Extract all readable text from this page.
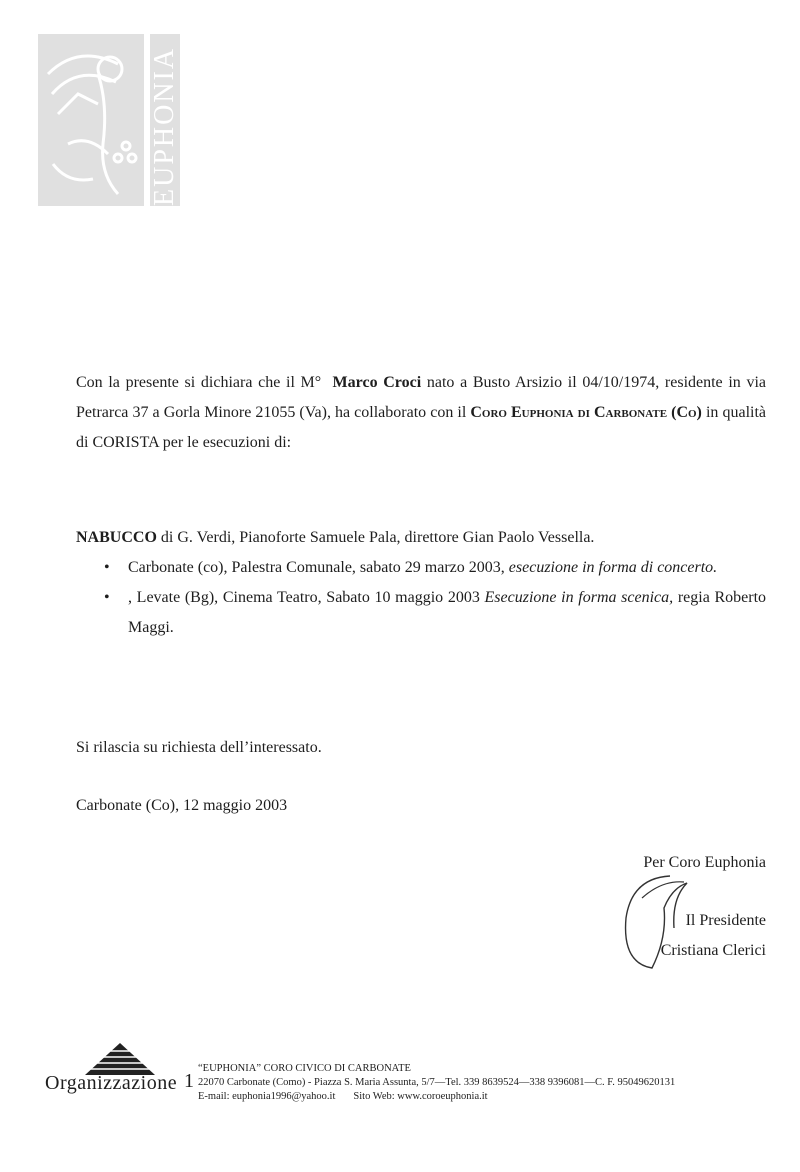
EUPHONIA
Con la presente si dichiara che il M° Marco Croci nato a Busto Arsizio il 04/10/1974, residente in via Petrarca 37 a Gorla Minore 21055 (Va), ha collaborato con il Coro Euphonia di Carbonate (Co) in qualità di CORISTA per le esecuzioni di:
NABUCCO di G. Verdi, Pianoforte Samuele Pala, direttore Gian Paolo Vessella.
• Carbonate (co), Palestra Comunale, sabato 29 marzo 2003, esecuzione in forma di concerto.
• , Levate (Bg), Cinema Teatro, Sabato 10 maggio 2003 Esecuzione in forma scenica, regia Roberto Maggi.
Si rilascia su richiesta dell’interessato.
Carbonate (Co), 12 maggio 2003
Per Coro Euphonia
Il Presidente
Cristiana Clerici
Organizzazione 1
“EUPHONIA” CORO CIVICO DI CARBONATE
22070 Carbonate (Como) - Piazza S. Maria Assunta, 5/7—Tel. 339 8639524—338 9396081—C. F. 95049620131
E-mail: euphonia1996@yahoo.it Sito Web: www.coroeuphonia.it
